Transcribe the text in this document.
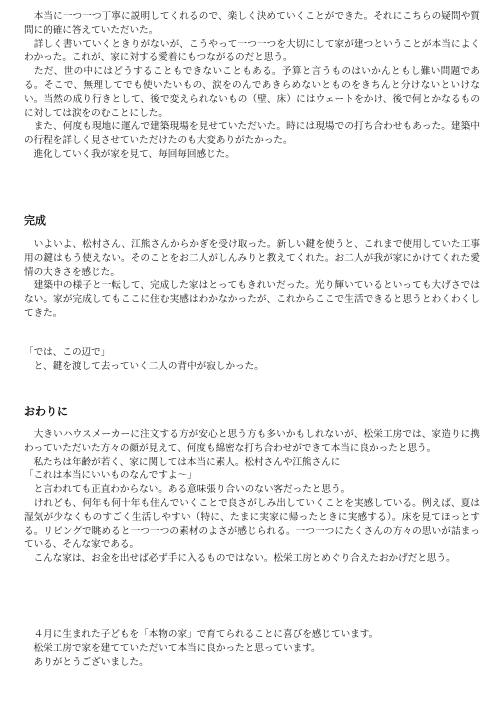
　本当に一つ一つ丁寧に説明してくれるので、楽しく決めていくことができた。それにこちらの疑問や質問に的確に答えていただいた。

　詳しく書いていくときりがないが、こうやって一つ一つを大切にして家が建つということが本当によくわかった。これが、家に対する愛着にもつながるのだと思う。

　ただ、世の中にはどうすることもできないこともある。予算と言うものはいかんともし難い問題である。そこで、無理してでも使いたいもの、涙をのんであきらめないとものをきちんと分けないといけない。当然の成り行きとして、後で変えられないもの（壁、床）にはウェートをかけ、後で何とかなるものに対しては涙をのむことにした。

　また、何度も現地に運んで建築現場を見せていただいた。時には現場での打ち合わせもあった。建築中の行程を詳しく見させていただけたのも大変ありがたかった。

　進化していく我が家を見て、毎回毎回感じた。

完成

　いよいよ、松村さん、江熊さんからかぎを受け取った。新しい鍵を使うと、これまで使用していた工事用の鍵はもう使えない。そのことをお二人がしんみりと教えてくれた。お二人が我が家にかけてくれた愛情の大きさを感じた。

　建築中の様子と一転して、完成した家はとってもきれいだった。光り輝いているといっても大げさではない。家が完成してもここに住む実感はわかなかったが、これからここで生活できると思うとわくわくしてきた。

「では、この辺で」

　と、鍵を渡して去っていく二人の背中が寂しかった。

おわりに

　大きいハウスメーカーに注文する方が安心と思う方も多いかもしれないが、松栄工房では、家造りに携わっていただいた方々の顔が見えて、何度も綿密な打ち合わせができて本当に良かったと思う。

　私たちは年齢が若く、家に関しては本当に素人。松村さんや江熊さんに

「これは本当にいいものなんですよ～」

　と言われても正直わからない。ある意味張り合いのない客だったと思う。

　けれども、何年も何十年も住んでいくことで良さがしみ出していくことを実感している。例えば、夏は湿気が少なくものすごく生活しやすい（特に、たまに実家に帰ったときに実感する）。床を見てほっとする。リビングで眺めると一つ一つの素材のよさが感じられる。一つ一つにたくさんの方々の思いが詰まっている、そんな家である。

　こんな家は、お金を出せば必ず手に入るものではない。松栄工房とめぐり合えたおかげだと思う。

　４月に生まれた子どもを「本物の家」で育てられることに喜びを感じています。

　松栄工房で家を建てていただいて本当に良かったと思っています。

　ありがとうございました。
